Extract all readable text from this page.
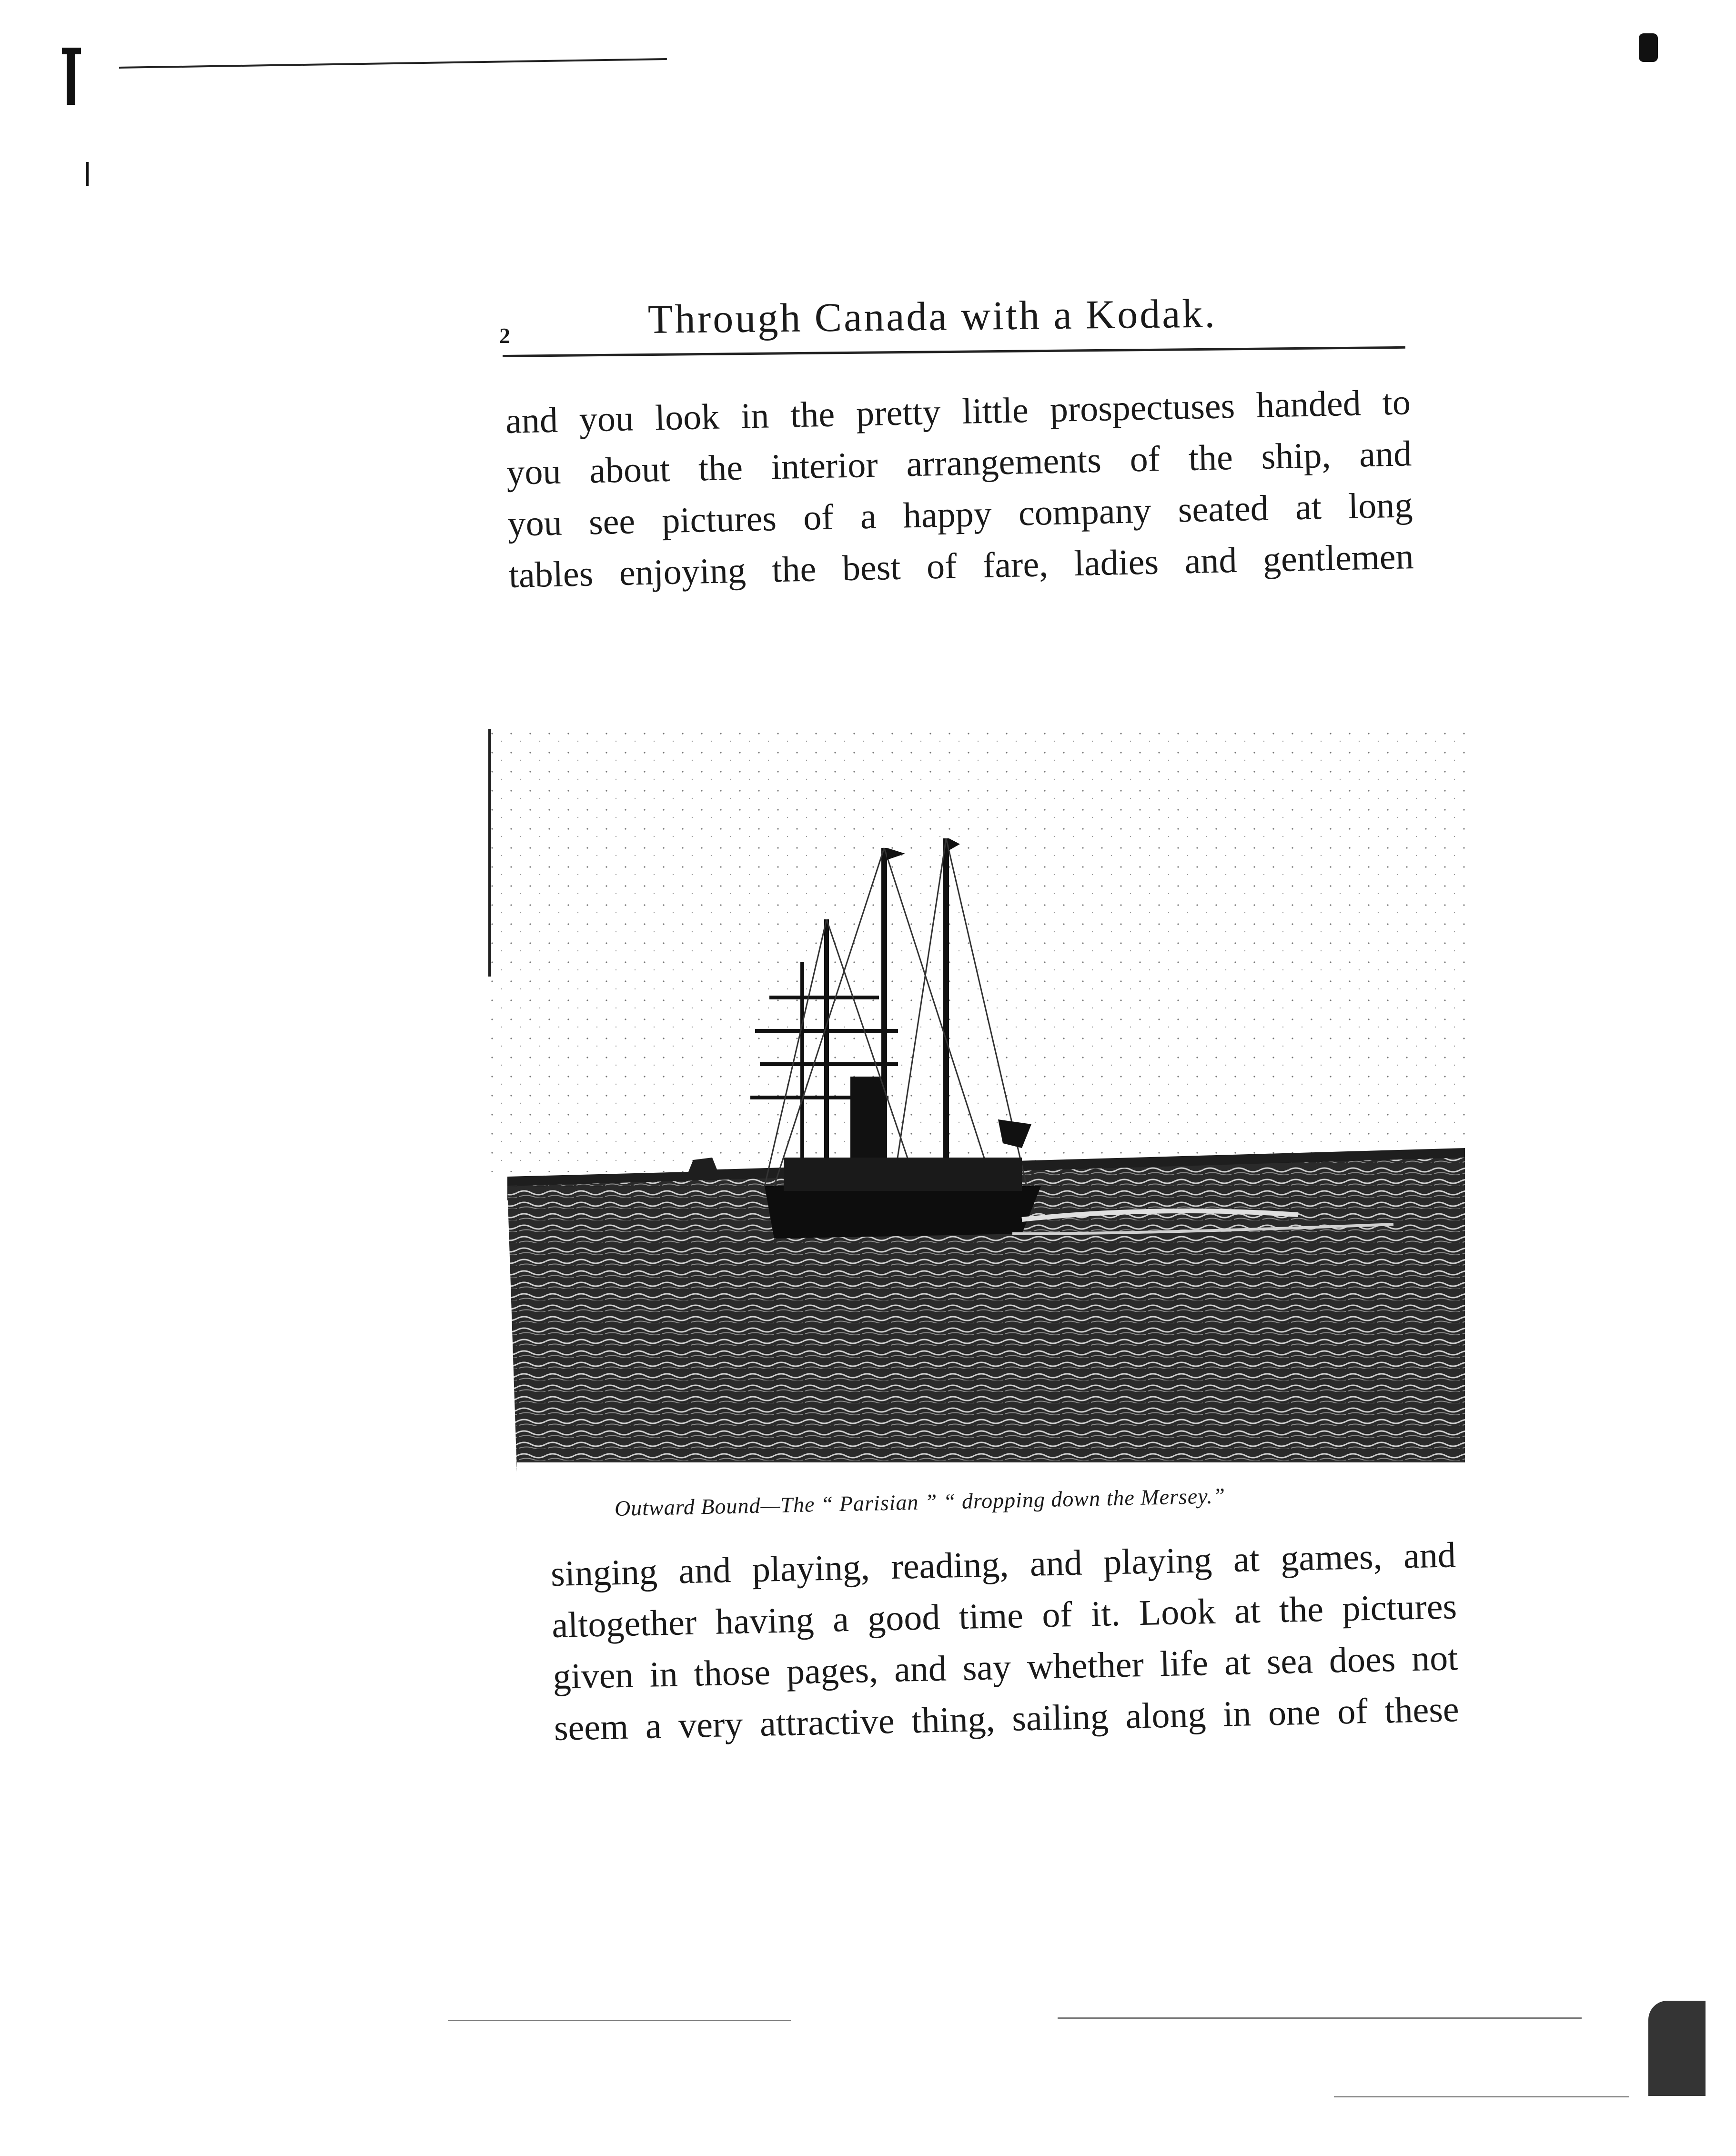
2	Through Canada with a Kodak.
and you look in the pretty little prospectuses handed to
you about the interior arrangements of the ship, and
you see pictures of a happy company seated at long
tables enjoying the best of fare, ladies and gentlemen
Outward Bound—The “ Parisian ” “ dropping down the Mersey.”
singing and playing, reading, and playing at games, and
altogether having a good time of it. Look at the pictures
given in those pages, and say whether life at sea does not
seem a very attractive thing, sailing along in one of these
